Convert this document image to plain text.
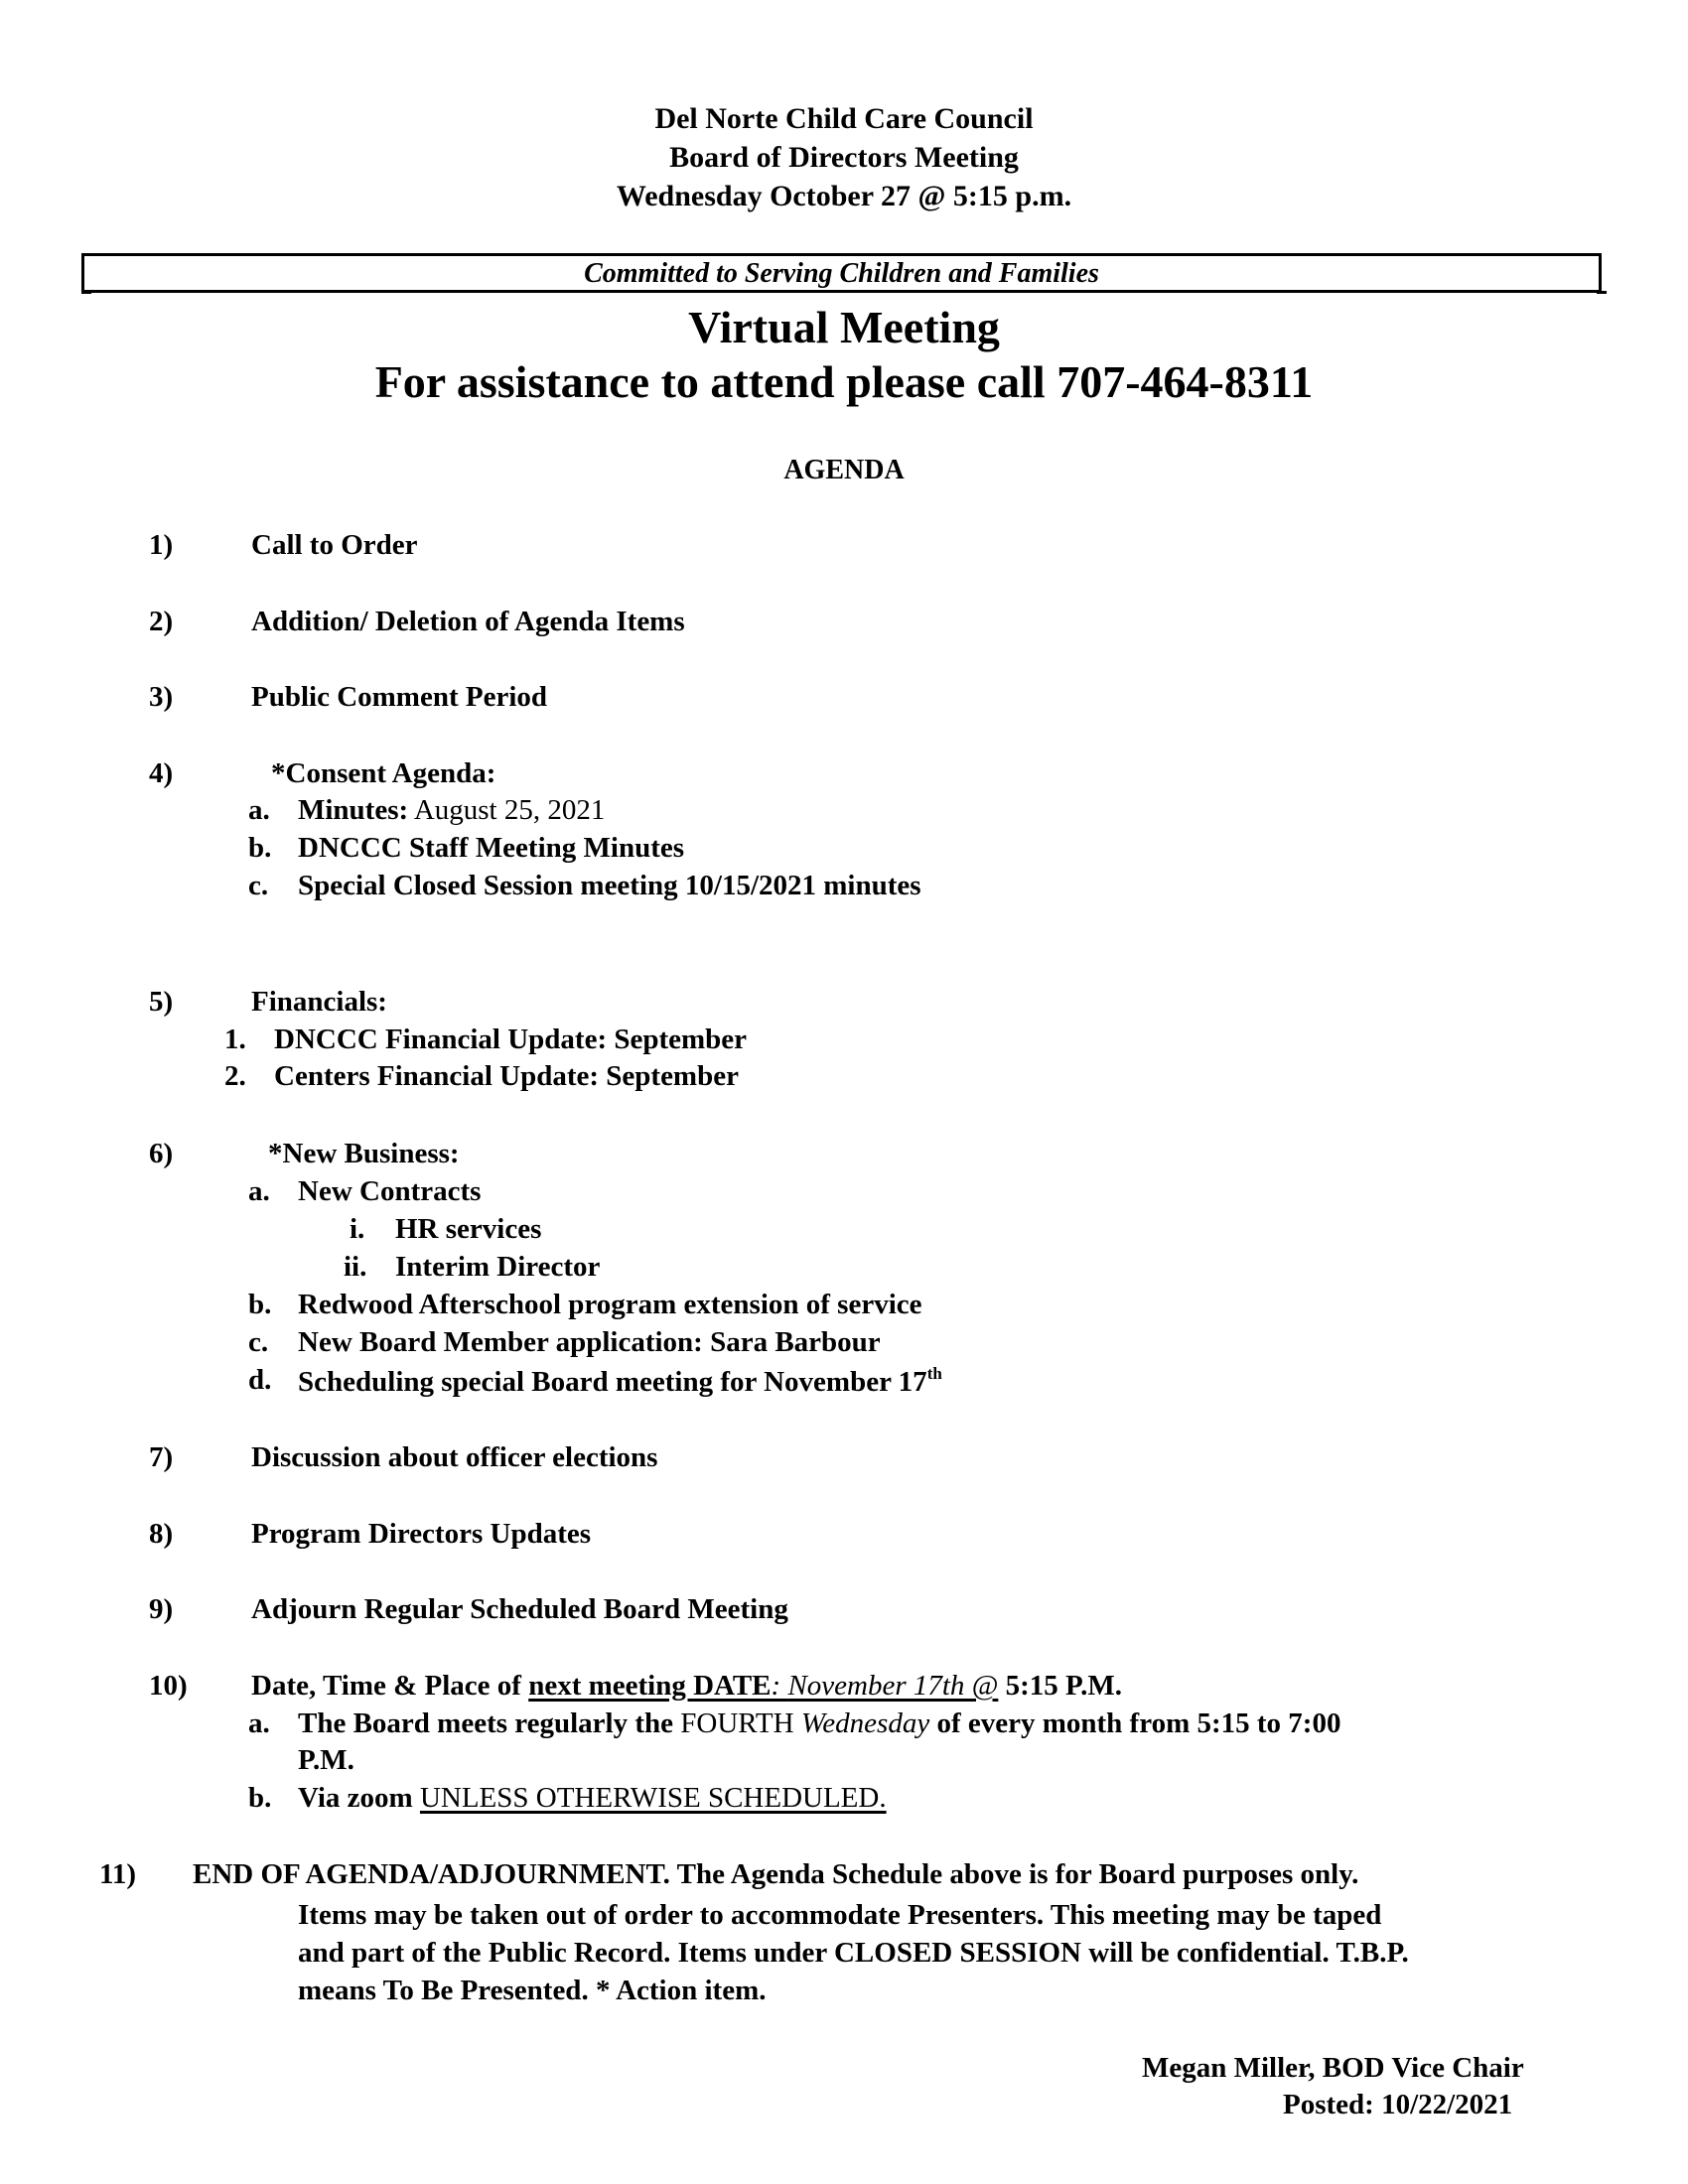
Del Norte Child Care Council
Board of Directors Meeting
Wednesday October 27 @ 5:15 p.m.
Committed to Serving Children and Families
Virtual Meeting
For assistance to attend please call 707-464-8311
AGENDA
1)	Call to Order
2)	Addition/ Deletion of Agenda Items
3)	Public Comment Period
4)	*Consent Agenda:
a. Minutes: August 25, 2021
b. DNCCC Staff Meeting Minutes
c. Special Closed Session meeting 10/15/2021 minutes
5)	Financials:
1. DNCCC Financial Update: September
2. Centers Financial Update: September
6)	*New Business:
a. New Contracts
i. HR services
ii. Interim Director
b. Redwood Afterschool program extension of service
c. New Board Member application: Sara Barbour
d. Scheduling special Board meeting for November 17th
7)	Discussion about officer elections
8)	Program Directors Updates
9)	Adjourn Regular Scheduled Board Meeting
10) Date, Time & Place of next meeting DATE: November 17th @ 5:15 P.M.
a. The Board meets regularly the FOURTH Wednesday of every month from 5:15 to 7:00
P.M.
b. Via zoom UNLESS OTHERWISE SCHEDULED.
11) END OF AGENDA/ADJOURNMENT. The Agenda Schedule above is for Board purposes only.
Items may be taken out of order to accommodate Presenters. This meeting may be taped
and part of the Public Record. Items under CLOSED SESSION will be confidential. T.B.P.
means To Be Presented. * Action item.
Megan Miller, BOD Vice Chair
Posted: 10/22/2021
